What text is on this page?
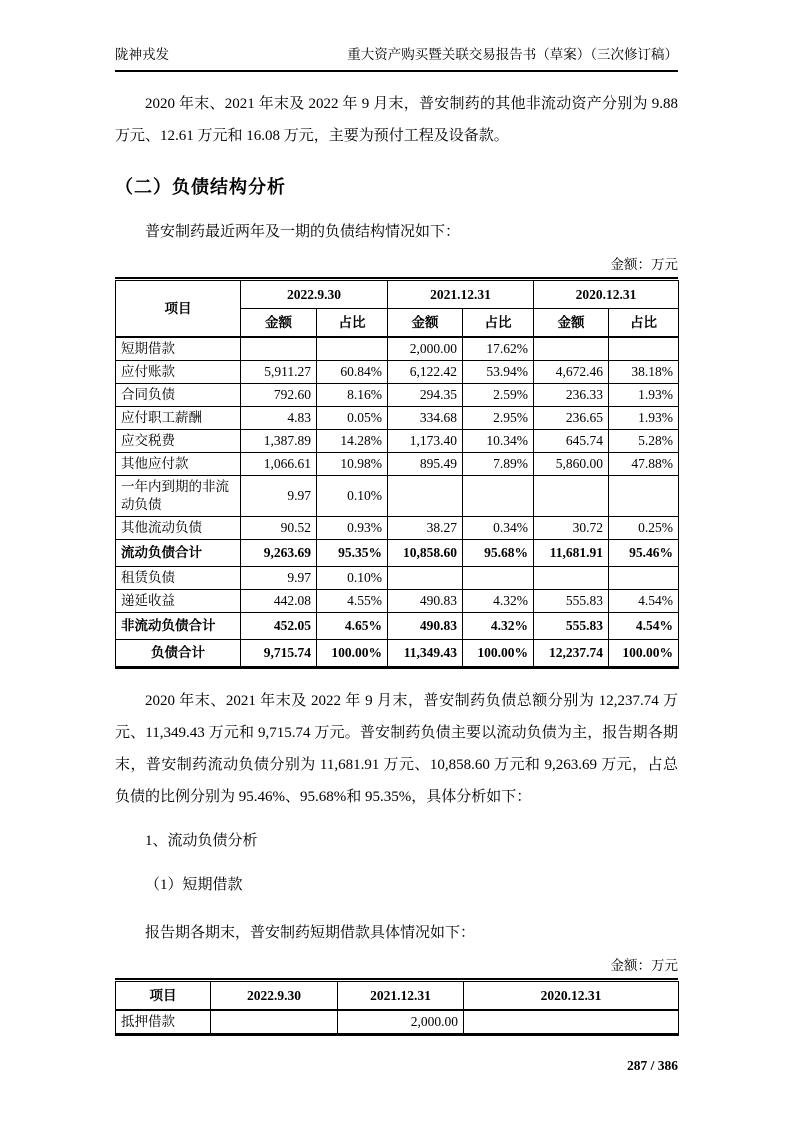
陇神戎发	重大资产购买暨关联交易报告书（草案）（三次修订稿）

2020 年末、2021 年末及 2022 年 9 月末，普安制药的其他非流动资产分别为 9.88 万元、12.61 万元和 16.08 万元，主要为预付工程及设备款。

（二）负债结构分析

普安制药最近两年及一期的负债结构情况如下：

金额：万元
项目	2022.9.30		2021.12.31		2020.12.31	
	金额	占比	金额	占比	金额	占比
短期借款			2,000.00	17.62%		
应付账款	5,911.27	60.84%	6,122.42	53.94%	4,672.46	38.18%
合同负债	792.60	8.16%	294.35	2.59%	236.33	1.93%
应付职工薪酬	4.83	0.05%	334.68	2.95%	236.65	1.93%
应交税费	1,387.89	14.28%	1,173.40	10.34%	645.74	5.28%
其他应付款	1,066.61	10.98%	895.49	7.89%	5,860.00	47.88%
一年内到期的非流动负债	9.97	0.10%				
其他流动负债	90.52	0.93%	38.27	0.34%	30.72	0.25%
流动负债合计	9,263.69	95.35%	10,858.60	95.68%	11,681.91	95.46%
租赁负债	9.97	0.10%				
递延收益	442.08	4.55%	490.83	4.32%	555.83	4.54%
非流动负债合计	452.05	4.65%	490.83	4.32%	555.83	4.54%
负债合计	9,715.74	100.00%	11,349.43	100.00%	12,237.74	100.00%

2020 年末、2021 年末及 2022 年 9 月末，普安制药负债总额分别为 12,237.74 万元、11,349.43 万元和 9,715.74 万元。普安制药负债主要以流动负债为主，报告期各期末，普安制药流动负债分别为 11,681.91 万元、10,858.60 万元和 9,263.69 万元，占总负债的比例分别为 95.46%、95.68%和 95.35%，具体分析如下：

1、流动负债分析

（1）短期借款

报告期各期末，普安制药短期借款具体情况如下：

金额：万元
项目	2022.9.30	2021.12.31	2020.12.31
抵押借款		2,000.00	
287 / 386
